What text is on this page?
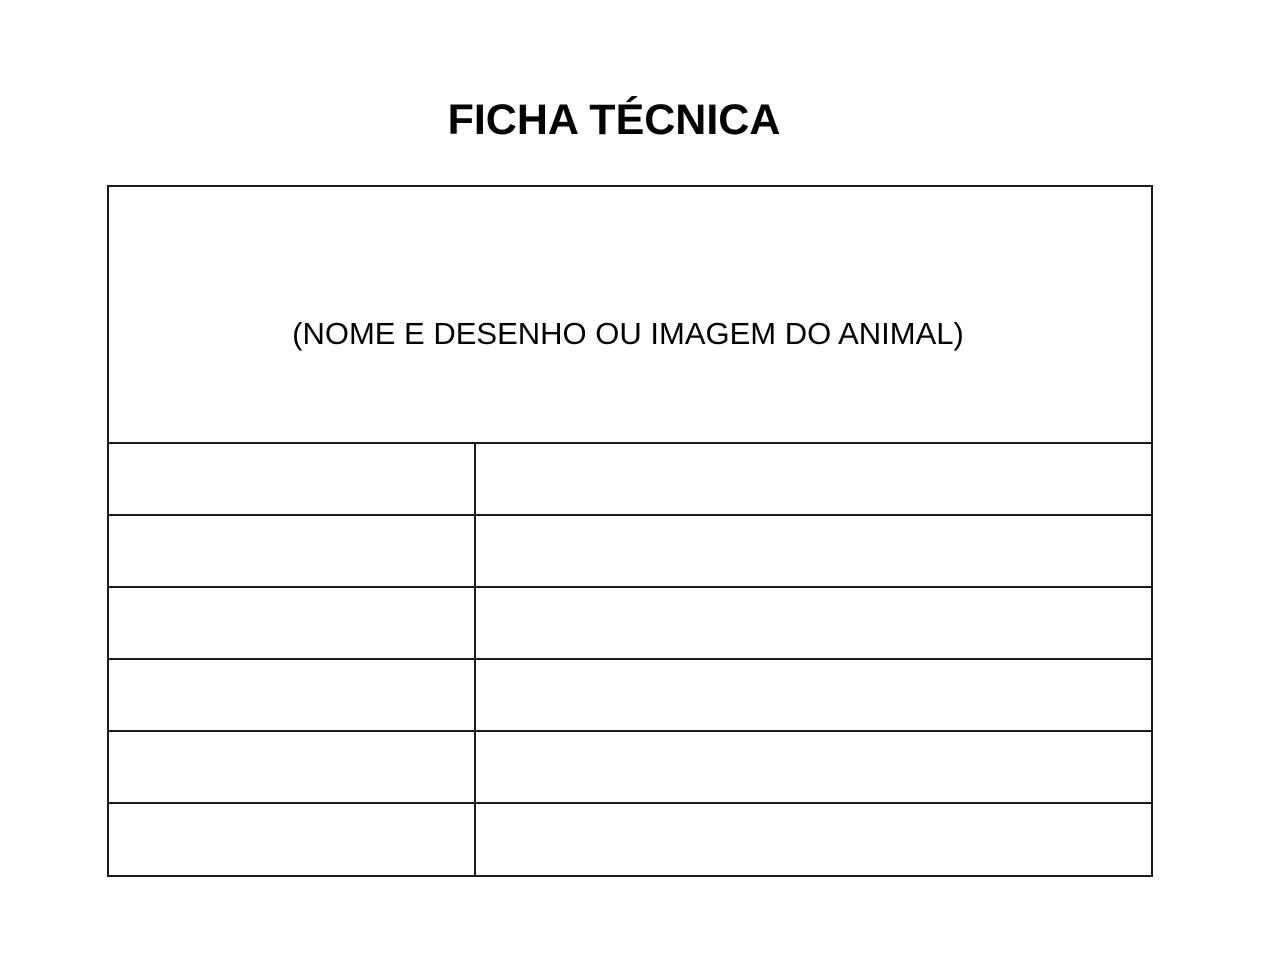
FICHA TÉCNICA
(NOME E DESENHO OU IMAGEM DO ANIMAL)
